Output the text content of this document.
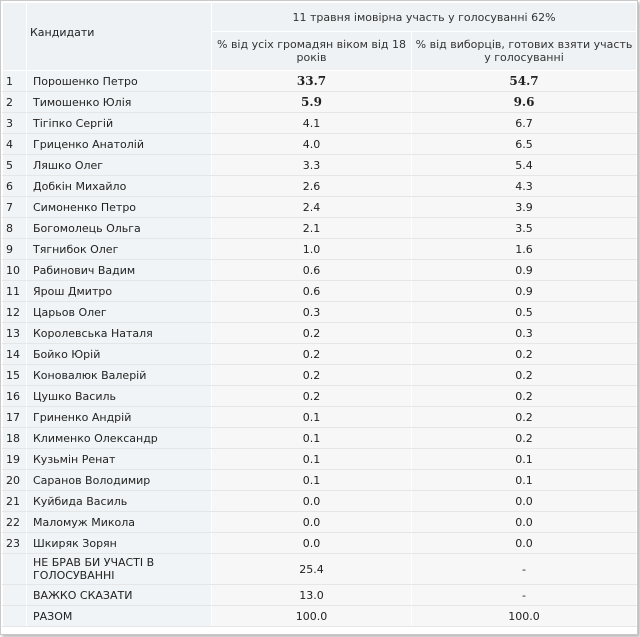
	Кандидати	11 травня імовірна участь у голосуванні 62%	
		% від усіх громадян віком від 18 років	% від виборців, готових взяти участь у голосуванні
1	Порошенко Петро	33.7	54.7
2	Тимошенко Юлія	5.9	9.6
3	Тігіпко Сергій	4.1	6.7
4	Гриценко Анатолій	4.0	6.5
5	Ляшко Олег	3.3	5.4
6	Добкін Михайло	2.6	4.3
7	Симоненко Петро	2.4	3.9
8	Богомолець Ольга	2.1	3.5
9	Тягнибок Олег	1.0	1.6
10	Рабинович Вадим	0.6	0.9
11	Ярош Дмитро	0.6	0.9
12	Царьов Олег	0.3	0.5
13	Королевська Наталя	0.2	0.3
14	Бойко Юрій	0.2	0.2
15	Коновалюк Валерій	0.2	0.2
16	Цушко Василь	0.2	0.2
17	Гриненко Андрій	0.1	0.2
18	Клименко Олександр	0.1	0.2
19	Кузьмін Ренат	0.1	0.1
20	Саранов Володимир	0.1	0.1
21	Куйбида Василь	0.0	0.0
22	Маломуж Микола	0.0	0.0
23	Шкиряк Зорян	0.0	0.0
	НЕ БРАВ БИ УЧАСТІ В ГОЛОСУВАННІ	25.4	-
	ВАЖКО СКАЗАТИ	13.0	-
	РАЗОМ	100.0	100.0
